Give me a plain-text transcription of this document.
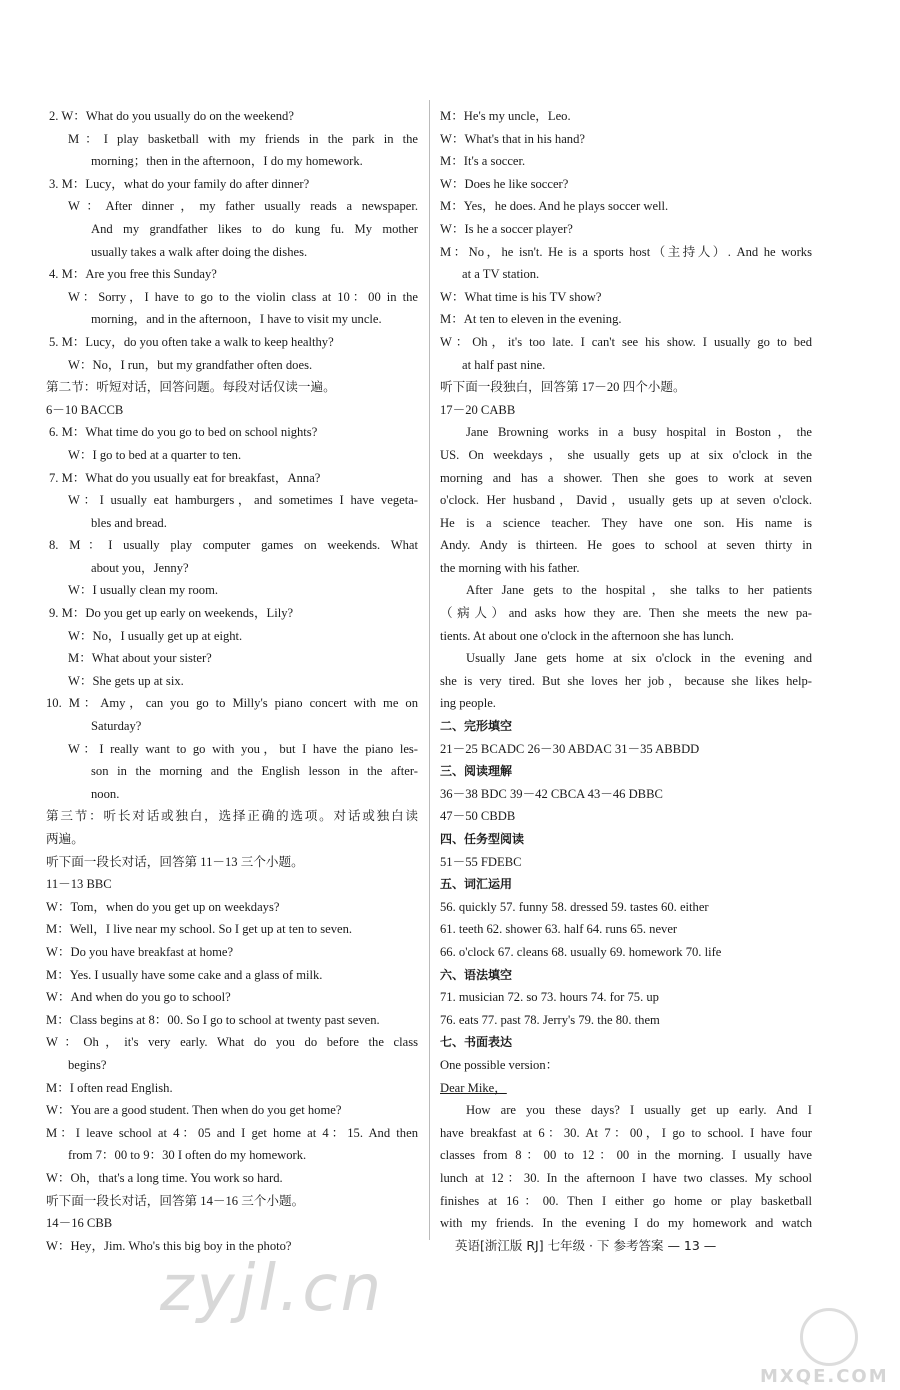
2. W：What do you usually do on the weekend?
M：I play basketball with my friends in the park in the
morning；then in the afternoon，I do my homework.
3. M：Lucy，what do your family do after dinner?
W：After dinner，my father usually reads a newspaper.
And my grandfather likes to do kung fu. My mother
usually takes a walk after doing the dishes.
4. M：Are you free this Sunday?
W：Sorry，I have to go to the violin class at 10：00 in the
morning，and in the afternoon，I have to visit my uncle.
5. M：Lucy，do you often take a walk to keep healthy?
W：No，I run，but my grandfather often does.
第二节：听短对话，回答问题。每段对话仅读一遍。
6－10 BACCB
6. M：What time do you go to bed on school nights?
W：I go to bed at a quarter to ten.
7. M：What do you usually eat for breakfast，Anna?
W：I usually eat hamburgers，and sometimes I have vegeta-
bles and bread.
8. M：I usually play computer games on weekends. What
about you，Jenny?
W：I usually clean my room.
9. M：Do you get up early on weekends，Lily?
W：No，I usually get up at eight.
M：What about your sister?
W：She gets up at six.
10. M：Amy，can you go to Milly's piano concert with me on
Saturday?
W：I really want to go with you，but I have the piano les-
son in the morning and the English lesson in the after-
noon.
第三节：听长对话或独白，选择正确的选项。对话或独白读
两遍。
听下面一段长对话，回答第 11－13 三个小题。
11－13 BBC
W：Tom，when do you get up on weekdays?
M：Well，I live near my school. So I get up at ten to seven.
W：Do you have breakfast at home?
M：Yes. I usually have some cake and a glass of milk.
W：And when do you go to school?
M：Class begins at 8：00. So I go to school at twenty past seven.
W：Oh，it's very early. What do you do before the class
begins?
M：I often read English.
W：You are a good student. Then when do you get home?
M：I leave school at 4：05 and I get home at 4：15. And then
from 7：00 to 9：30 I often do my homework.
W：Oh，that's a long time. You work so hard.
听下面一段长对话，回答第 14－16 三个小题。
14－16 CBB
W：Hey，Jim. Who's this big boy in the photo?
M：He's my uncle，Leo.
W：What's that in his hand?
M：It's a soccer.
W：Does he like soccer?
M：Yes，he does. And he plays soccer well.
W：Is he a soccer player?
M：No，he isn't. He is a sports host（主持人）. And he works
at a TV station.
W：What time is his TV show?
M：At ten to eleven in the evening.
W：Oh，it's too late. I can't see his show. I usually go to bed
at half past nine.
听下面一段独白，回答第 17－20 四个小题。
17－20 CABB
Jane Browning works in a busy hospital in Boston，the
US. On weekdays，she usually gets up at six o'clock in the
morning and has a shower. Then she goes to work at seven
o'clock. Her husband，David，usually gets up at seven o'clock.
He is a science teacher. They have one son. His name is
Andy. Andy is thirteen. He goes to school at seven thirty in
the morning with his father.
After Jane gets to the hospital，she talks to her patients
（病人）and asks how they are. Then she meets the new pa-
tients. At about one o'clock in the afternoon she has lunch.
Usually Jane gets home at six o'clock in the evening and
she is very tired. But she loves her job，because she likes help-
ing people.
二、完形填空
21－25 BCADC 26－30 ABDAC 31－35 ABBDD
三、阅读理解
36－38 BDC 39－42 CBCA 43－46 DBBC
47－50 CBDB
四、任务型阅读
51－55 FDEBC
五、词汇运用
56. quickly 57. funny 58. dressed 59. tastes 60. either
61. teeth 62. shower 63. half 64. runs 65. never
66. o'clock 67. cleans 68. usually 69. homework 70. life
六、语法填空
71. musician 72. so 73. hours 74. for 75. up
76. eats 77. past 78. Jerry's 79. the 80. them
七、书面表达
One possible version：
Dear Mike，
How are you these days? I usually get up early. And I
have breakfast at 6：30. At 7：00，I go to school. I have four
classes from 8：00 to 12：00 in the morning. I usually have
lunch at 12：30. In the afternoon I have two classes. My school
finishes at 16：00. Then I either go home or play basketball
with my friends. In the evening I do my homework and watch
英语[浙江版 RJ] 七年级 · 下 参考答案 — 13 —
zyjl.cn
MXQE.COM
